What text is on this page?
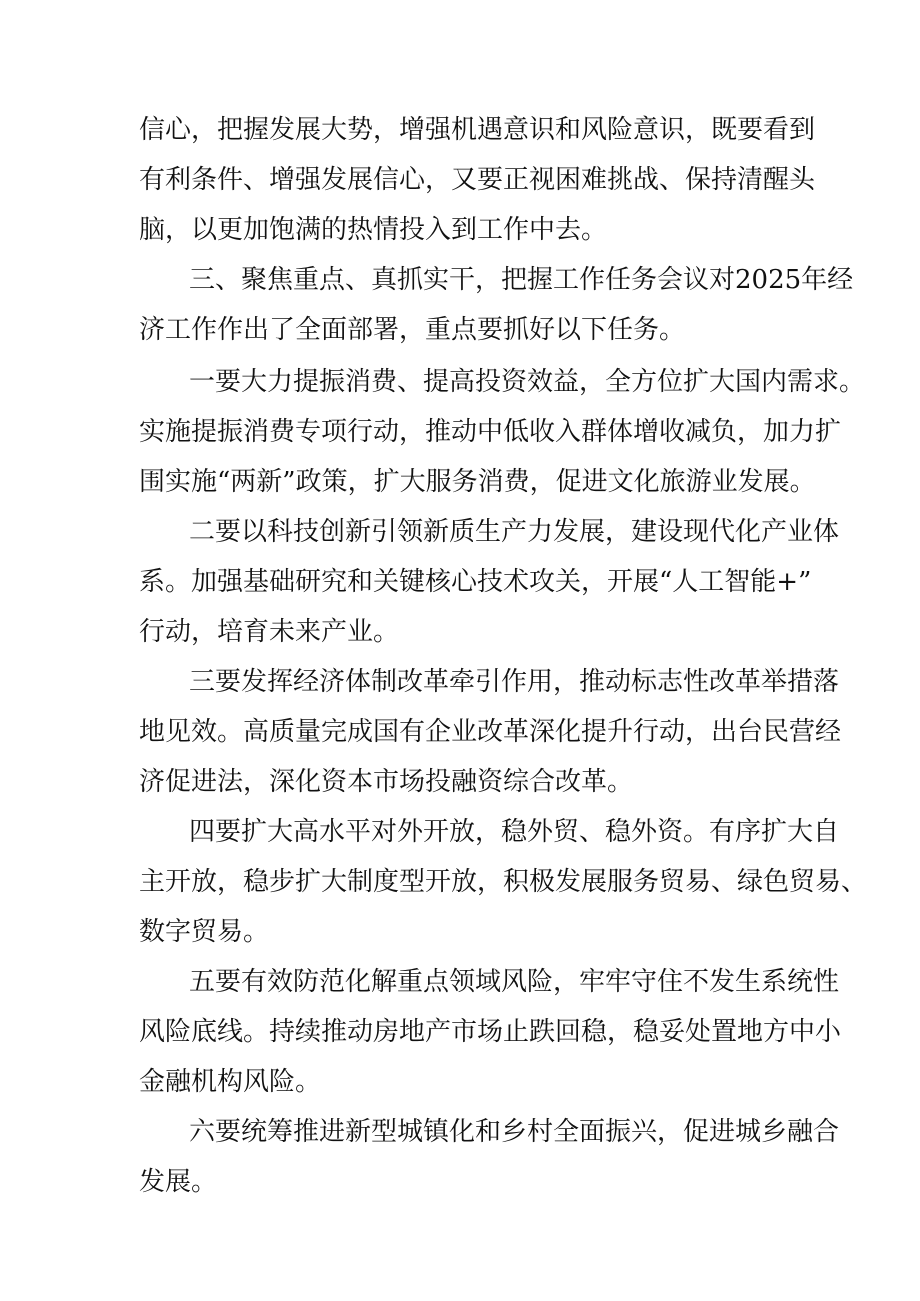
信心，把握发展大势，增强机遇意识和风险意识，既要看到
有利条件、增强发展信心，又要正视困难挑战、保持清醒头
脑，以更加饱满的热情投入到工作中去。
三、聚焦重点、真抓实干，把握工作任务会议对2025年经
济工作作出了全面部署，重点要抓好以下任务。
一要大力提振消费、提高投资效益，全方位扩大国内需求。
实施提振消费专项行动，推动中低收入群体增收减负，加力扩
围实施“两新”政策，扩大服务消费，促进文化旅游业发展。
二要以科技创新引领新质生产力发展，建设现代化产业体
系。加强基础研究和关键核心技术攻关，开展“人工智能+”
行动，培育未来产业。
三要发挥经济体制改革牵引作用，推动标志性改革举措落
地见效。高质量完成国有企业改革深化提升行动，出台民营经
济促进法，深化资本市场投融资综合改革。
四要扩大高水平对外开放，稳外贸、稳外资。有序扩大自
主开放，稳步扩大制度型开放，积极发展服务贸易、绿色贸易、
数字贸易。
五要有效防范化解重点领域风险，牢牢守住不发生系统性
风险底线。持续推动房地产市场止跌回稳，稳妥处置地方中小
金融机构风险。
六要统筹推进新型城镇化和乡村全面振兴，促进城乡融合
发展。
